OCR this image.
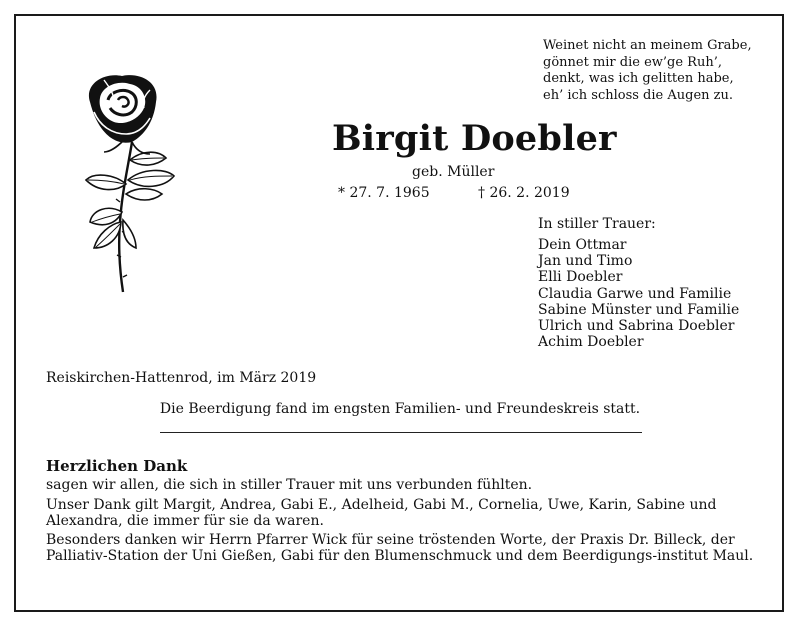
Weinet nicht an meinem Grabe,
gönnet mir die ew’ge Ruh’,
denkt, was ich gelitten habe,
eh’ ich schloss die Augen zu.
Birgit Doebler
geb. Müller
* 27. 7. 1965	† 26. 2. 2019
In stiller Trauer:
Dein Ottmar
Jan und Timo
Elli Doebler
Claudia Garwe und Familie
Sabine Münster und Familie
Ulrich und Sabrina Doebler
Achim Doebler
Reiskirchen-Hattenrod, im März 2019
Die Beerdigung fand im engsten Familien- und Freundeskreis statt.
Herzlichen Dank

sagen wir allen, die sich in stiller Trauer mit uns verbunden fühlten.

Unser Dank gilt Margit, Andrea, Gabi E., Adelheid, Gabi M., Cornelia, Uwe, Karin, Sabine und Alexandra, die immer für sie da waren.

Besonders danken wir Herrn Pfarrer Wick für seine tröstenden Worte, der Praxis Dr. Billeck, der Palliativ-Station der Uni Gießen, Gabi für den Blumenschmuck und dem Beerdigungs-institut Maul.
